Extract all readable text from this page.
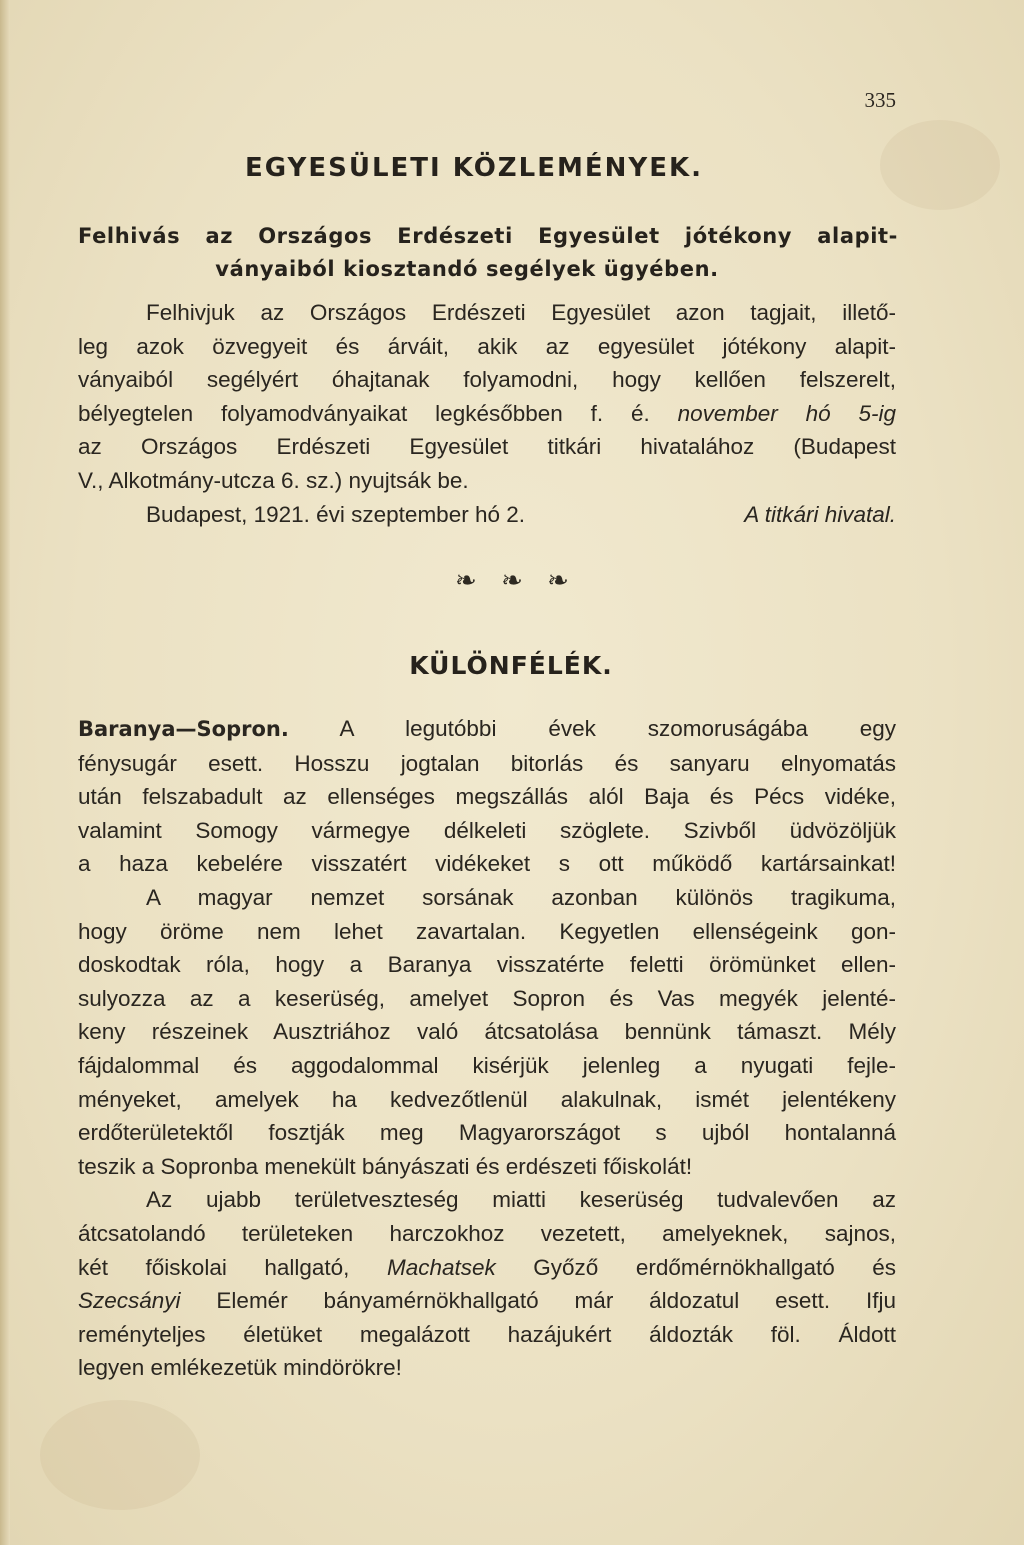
335
EGYESÜLETI KÖZLEMÉNYEK.
Felhivás az Országos Erdészeti Egyesület jótékony alapit-
ványaiból kiosztandó segélyek ügyében.

Felhivjuk az Országos Erdészeti Egyesület azon tagjait, illető-
leg azok özvegyeit és árváit, akik az egyesület jótékony alapit-
ványaiból segélyért óhajtanak folyamodni, hogy kellően felszerelt,
bélyegtelen folyamodványaikat legkésőbben f. é. november hó 5-ig
az Országos Erdészeti Egyesület titkári hivatalához (Budapest
V., Alkotmány-utcza 6. sz.) nyujtsák be.

Budapest, 1921. évi szeptember hó 2.	A titkári hivatal.
❧ ❧ ❧
KÜLÖNFÉLÉK.

Baranya—Sopron. A legutóbbi évek szomoruságába egy
fénysugár esett. Hosszu jogtalan bitorlás és sanyaru elnyomatás
után felszabadult az ellenséges megszállás alól Baja és Pécs vidéke,
valamint Somogy vármegye délkeleti szöglete. Szivből üdvözöljük
a haza kebelére visszatért vidékeket s ott működő kartársainkat!

A magyar nemzet sorsának azonban különös tragikuma,
hogy öröme nem lehet zavartalan. Kegyetlen ellenségeink gon-
doskodtak róla, hogy a Baranya visszatérte feletti örömünket ellen-
sulyozza az a keserüség, amelyet Sopron és Vas megyék jelenté-
keny részeinek Ausztriához való átcsatolása bennünk támaszt. Mély
fájdalommal és aggodalommal kisérjük jelenleg a nyugati fejle-
ményeket, amelyek ha kedvezőtlenül alakulnak, ismét jelentékeny
erdőterületektől fosztják meg Magyarországot s ujból hontalanná
teszik a Sopronba menekült bányászati és erdészeti főiskolát!

Az ujabb területveszteség miatti keserüség tudvalevően az
átcsatolandó területeken harczokhoz vezetett, amelyeknek, sajnos,
két főiskolai hallgató, Machatsek Győző erdőmérnökhallgató és
Szecsányi Elemér bányamérnökhallgató már áldozatul esett. Ifju
reményteljes életüket megalázott hazájukért áldozták föl. Áldott
legyen emlékezetük mindörökre!
